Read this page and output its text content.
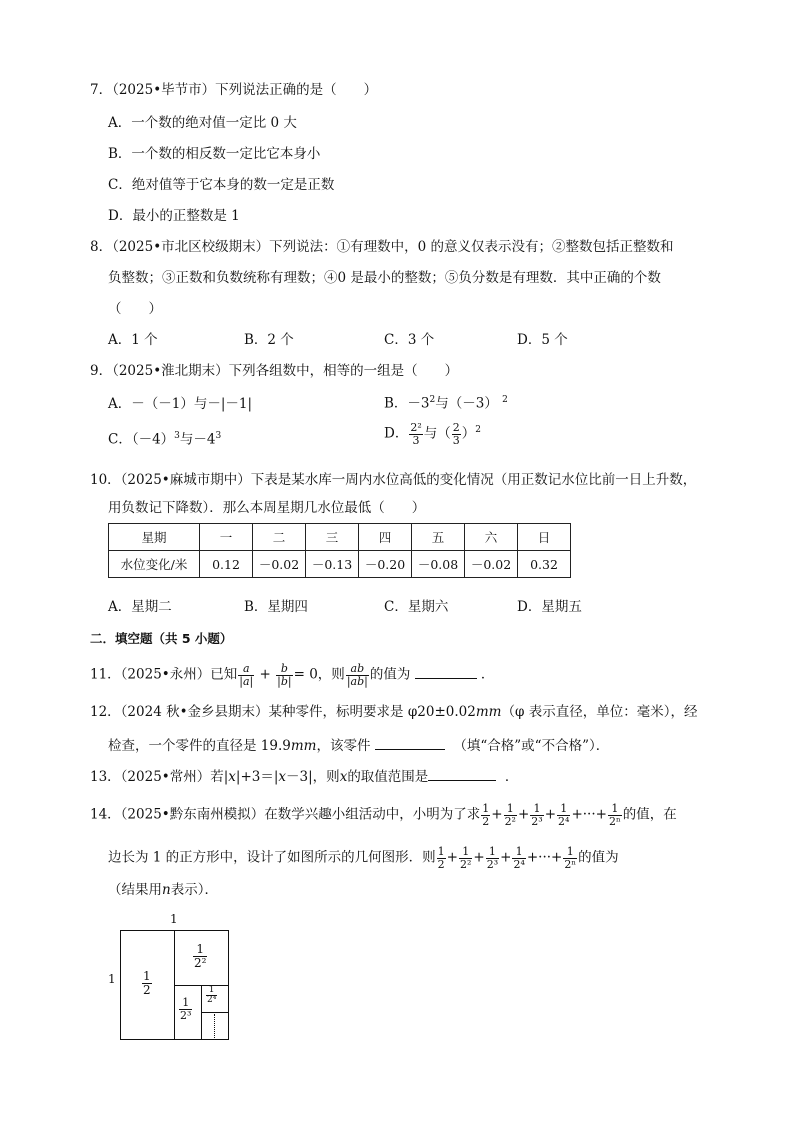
7．（2025•毕节市）下列说法正确的是（　　）
A．一个数的绝对值一定比 0 大
B．一个数的相反数一定比它本身小
C．绝对值等于它本身的数一定是正数
D．最小的正整数是 1
8．（2025•市北区校级期末）下列说法：①有理数中，0 的意义仅表示没有；②整数包括正整数和
负整数；③正数和负数统称有理数；④0 是最小的整数；⑤负分数是有理数．其中正确的个数
（　　）
A．1 个	B．2 个	C．3 个	D．5 个
9．（2025•淮北期末）下列各组数中，相等的一组是（　　）
A．－（－1）与－|－1|	B．$-3^2$与（－3） $^2$
C．$(-4)^3$与$-4^3$	D． $\frac{\text{2²}}{3}$ 与（ $\frac{2}{3} )^2$
10．（2025•麻城市期中）下表是某水库一周内水位高低的变化情况（用正数记水位比前一日上升数，
用负数记下降数）．那么本周星期几水位最低（　　）
星期	一	二	三	四	五	六	日
水位变化/米	0.12	－0.02	－0.13	－0.20	－0.08	－0.02	0.32
A．星期二	B．星期四	C．星期六	D．星期五
二．填空题（共 5 小题）
11．（2025•永州）已知 $\frac{a}{|a|} + \frac{b}{|b|} = 0$，则 $\frac{ab}{|ab|}$ 的值为	．
12．（2024 秋•金乡县期末）某种零件，标明要求是 φ20±0.02mm（φ 表示直径，单位：毫米），经
检查，一个零件的直径是 19.9mm，该零件	（填“合格”或“不合格”）．
13．（2025•常州）若|x|+3＝|x－3|，则x的取值范围是	．
14．（2025•黔东南州模拟）在数学兴趣小组活动中，小明为了求 $\frac{1}{2} + \frac{1}{\text{2²}} + \frac{1}{\text{2³}} + \frac{1}{\text{2⁴}}$ +···+ $\frac{1}{\text{2ⁿ}}$ 的值，在
边长为 1 的正方形中，设计了如图所示的几何图形．则 $\frac{1}{2} + \frac{1}{\text{2²}} + \frac{1}{\text{2³}} + \frac{1}{\text{2⁴}}$ +···+ $\frac{1}{\text{2ⁿ}}$ 的值为
（结果用n表示）．
1
$1 \frac{1}{2}$
$\frac{1}{\text{2²}}$
$\frac{1}{\text{2³}}$
$\frac{1}{\text{2⁴}}$
